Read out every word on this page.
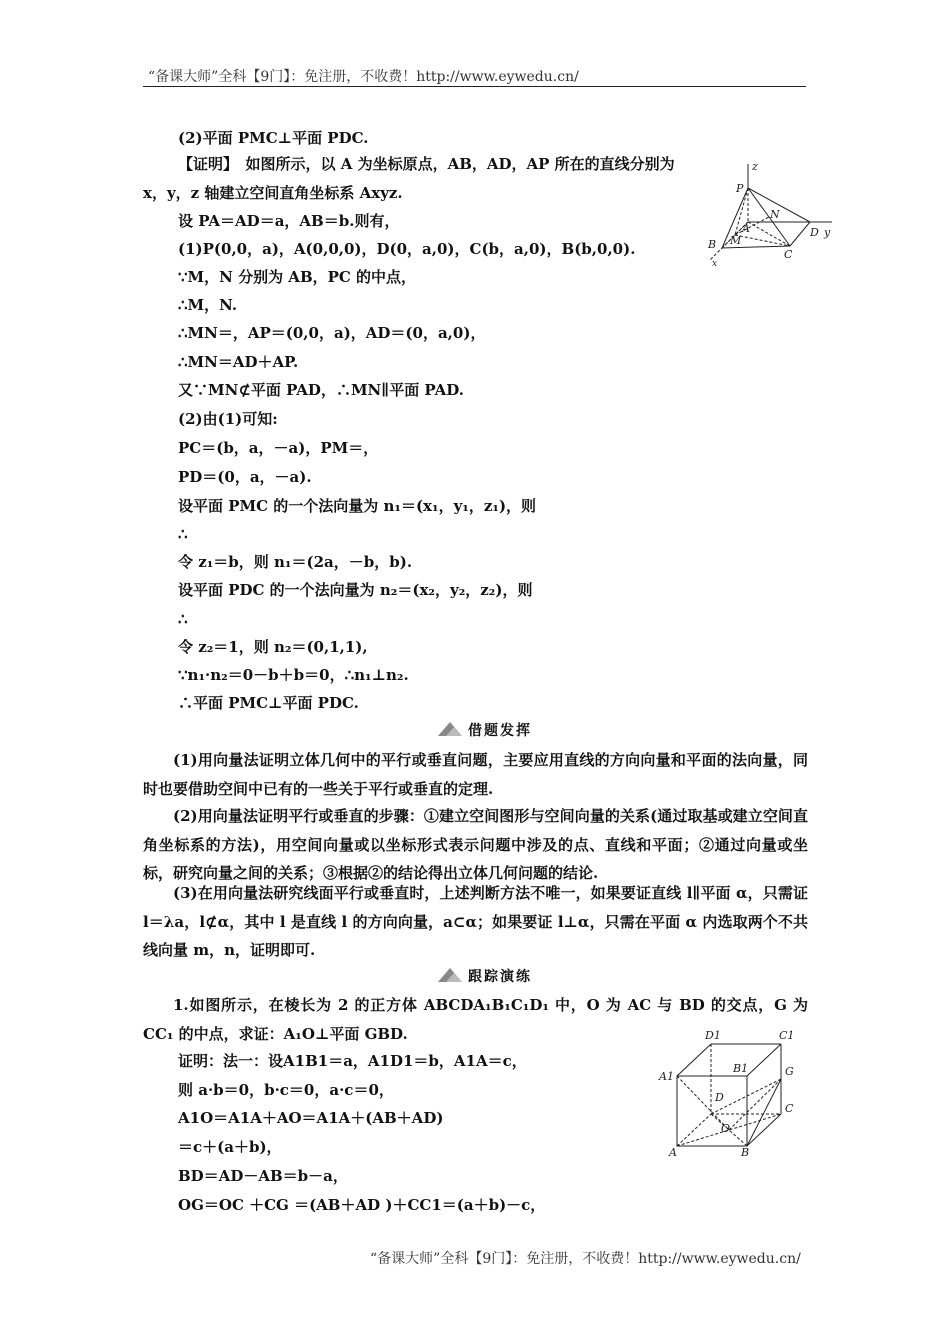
“备课大师”全科【9门】：免注册，不收费！http://www.eywedu.cn/
(2)平面 PMC⊥平面 PDC.
【证明】　如图所示，以 A 为坐标原点，AB，AD，AP 所在的直线分别为
x，y，z 轴建立空间直角坐标系 Axyz.
设 PA＝AD＝a，AB＝b.则有，
(1)P(0,0，a)，A(0,0,0)，D(0，a,0)，C(b，a,0)，B(b,0,0).
∵M，N 分别为 AB，PC 的中点，
∴M，N.
∴MN＝，AP＝(0,0，a)，AD＝(0，a,0)，
∴MN＝AD＋AP.
又∵MN⊄平面 PAD，∴MN∥平面 PAD.
(2)由(1)可知:
PC＝(b，a，－a)，PM＝，
PD＝(0，a，－a).
设平面 PMC 的一个法向量为 n₁＝(x₁，y₁，z₁)，则
∴
令 z₁＝b，则 n₁＝(2a，－b，b).
设平面 PDC 的一个法向量为 n₂＝(x₂，y₂，z₂)，则
∴
令 z₂＝1，则 n₂＝(0,1,1),
∵n₁·n₂＝0－b＋b＝0，∴n₁⊥n₂.
∴平面 PMC⊥平面 PDC.
z
P
N
A
M
B
D y
C
x
借题发挥
(1)用向量法证明立体几何中的平行或垂直问题，主要应用直线的方向向量和平面的法向量，同时也要借助空间中已有的一些关于平行或垂直的定理.
(2)用向量法证明平行或垂直的步骤：①建立空间图形与空间向量的关系(通过取基或建立空间直角坐标系的方法)，用空间向量或以坐标形式表示问题中涉及的点、直线和平面；②通过向量或坐标，研究向量之间的关系；③根据②的结论得出立体几何问题的结论.
(3)在用向量法研究线面平行或垂直时，上述判断方法不唯一，如果要证直线 l∥平面 α，只需证 l＝λa，l⊄α，其中 l 是直线 l 的方向向量，a⊂α；如果要证 l⊥α，只需在平面 α 内选取两个不共线向量 m，n，证明即可.
跟踪演练
1.如图所示，在棱长为 2 的正方体 ABCDA₁B₁C₁D₁ 中，O 为 AC 与 BD 的交点，G 为 CC₁ 的中点，求证：A₁O⊥平面 GBD.
证明：法一：设A1B1＝a，A1D1＝b，A1A＝c，
则 a·b＝0，b·c＝0，a·c＝0，
A1O＝A1A＋AO＝A1A＋(AB＋AD)
＝c＋(a＋b)，
BD＝AD－AB＝b－a，
OG＝OC ＋CG ＝(AB＋AD )＋CC1＝(a＋b)－c，
D1	C1
A1
B1	G
D
C
O
A	B
“备课大师”全科【9门】：免注册，不收费！http://www.eywedu.cn/
